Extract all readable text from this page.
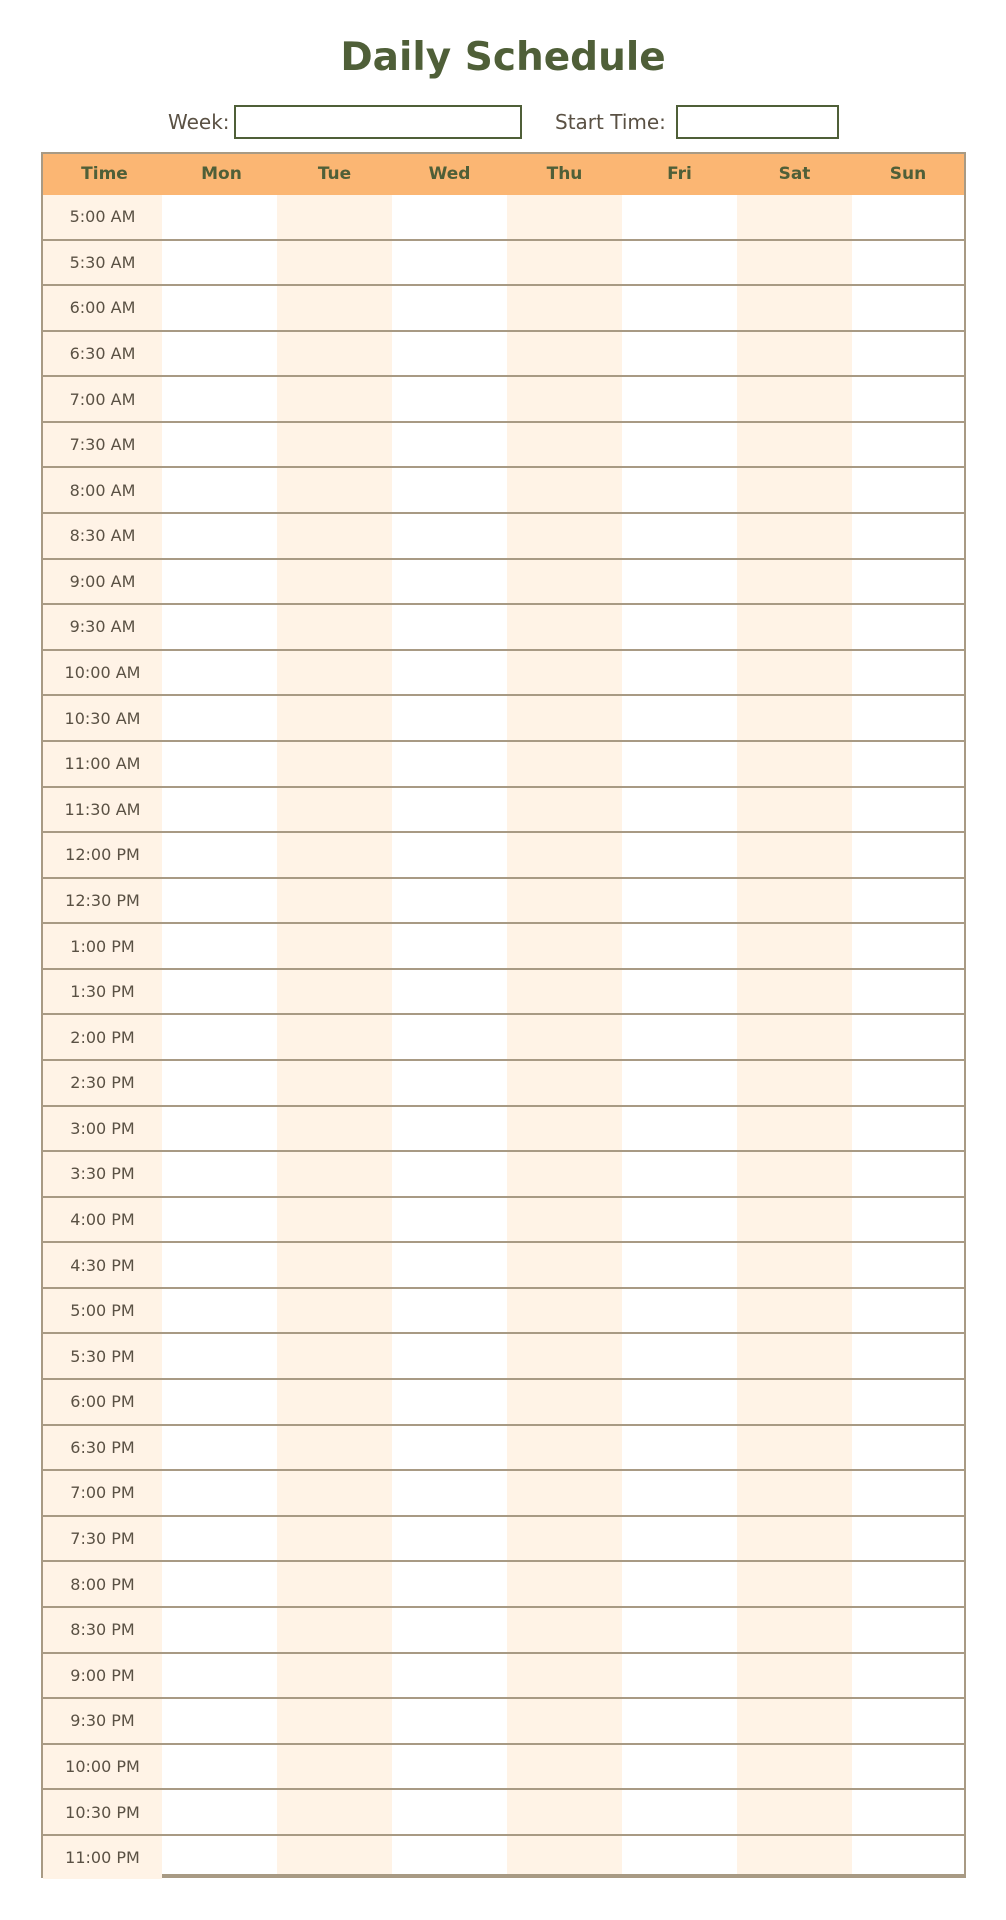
Daily Schedule
Week:	Start Time:
Time	Mon	Tue	Wed	Thu	Fri	Sat	Sun
5:00 AM
5:30 AM
6:00 AM
6:30 AM
7:00 AM
7:30 AM
8:00 AM
8:30 AM
9:00 AM
9:30 AM
10:00 AM
10:30 AM
11:00 AM
11:30 AM
12:00 PM
12:30 PM
1:00 PM
1:30 PM
2:00 PM
2:30 PM
3:00 PM
3:30 PM
4:00 PM
4:30 PM
5:00 PM
5:30 PM
6:00 PM
6:30 PM
7:00 PM
7:30 PM
8:00 PM
8:30 PM
9:00 PM
9:30 PM
10:00 PM
10:30 PM
11:00 PM
